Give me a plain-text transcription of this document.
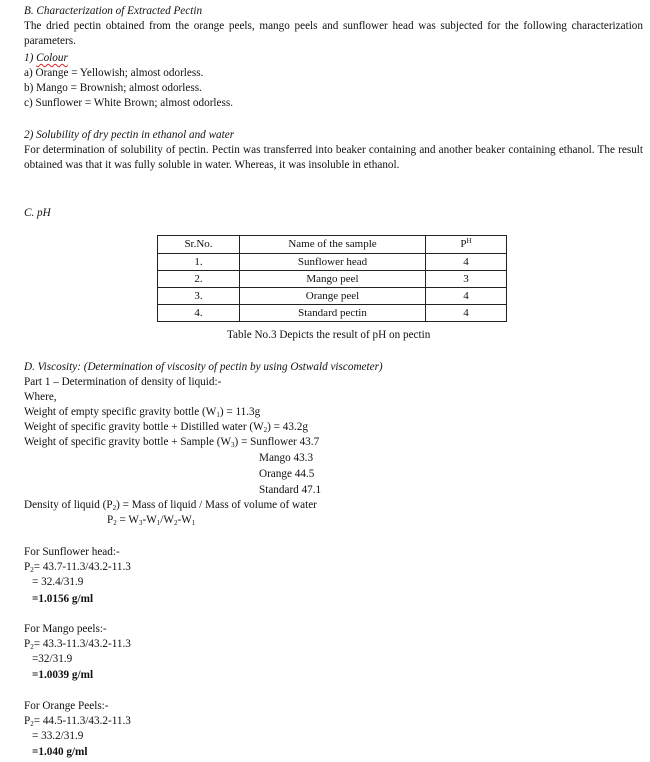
B. Characterization of Extracted Pectin
The dried pectin obtained from the orange peels, mango peels and sunflower head was subjected for the following characterization parameters.
1) Colour
a) Orange = Yellowish; almost odorless.
b) Mango = Brownish; almost odorless.
c) Sunflower = White Brown; almost odorless.
2) Solubility of dry pectin in ethanol and water
For determination of solubility of pectin. Pectin was transferred into beaker containing and another beaker containing ethanol. The result obtained was that it was fully soluble in water. Whereas, it was insoluble in ethanol.
C. pH
Sr.No.	Name of the sample	$P^H$
1.	Sunflower head	4
2.	Mango peel	3
3.	Orange peel	4
4.	Standard pectin	4
Table No.3 Depicts the result of pH on pectin
D. Viscosity: (Determination of viscosity of pectin by using Ostwald viscometer)
Part 1 – Determination of density of liquid:-
Where,
Weight of empty specific gravity bottle $(W_1) = 11.3g$
Weight of specific gravity bottle + Distilled water $(W_2) = 43.2g$
Weight of specific gravity bottle + Sample $(W_3)$ = Sunflower 43.7
Mango 43.3
Orange 44.5
Standard 47.1
Density of liquid $(P_2)$ = Mass of liquid / Mass of volume of water
$P_2 = W_3-W_1/W_2-W_1$
For Sunflower head:-
$P_2= 43.7-11.3/43.2-11.3$
= 32.4/31.9
=1.0156 g/ml
For Mango peels:-
$P_2= 43.3-11.3/43.2-11.3$
=32/31.9
=1.0039 g/ml
For Orange Peels:-
$P_2= 44.5-11.3/43.2-11.3$
= 33.2/31.9
=1.040 g/ml
